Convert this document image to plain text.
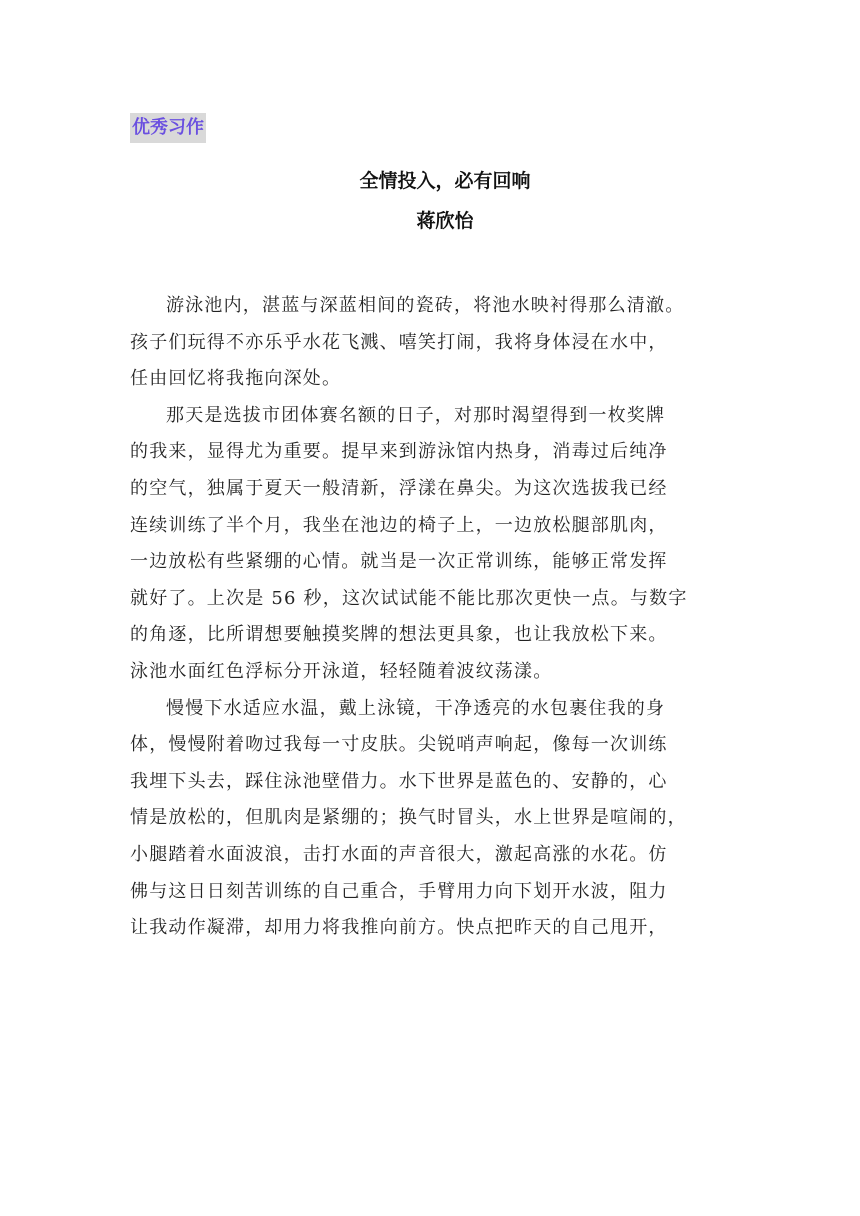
优秀习作
全情投入，必有回响
蒋欣怡
游泳池内，湛蓝与深蓝相间的瓷砖，将池水映衬得那么清澈。
孩子们玩得不亦乐乎水花飞溅、嘻笑打闹，我将身体浸在水中，
任由回忆将我拖向深处。
那天是选拔市团体赛名额的日子，对那时渴望得到一枚奖牌
的我来，显得尤为重要。提早来到游泳馆内热身，消毒过后纯净
的空气，独属于夏天一般清新，浮漾在鼻尖。为这次选拔我已经
连续训练了半个月，我坐在池边的椅子上，一边放松腿部肌肉，
一边放松有些紧绷的心情。就当是一次正常训练，能够正常发挥
就好了。上次是 56 秒，这次试试能不能比那次更快一点。与数字
的角逐，比所谓想要触摸奖牌的想法更具象，也让我放松下来。
泳池水面红色浮标分开泳道，轻轻随着波纹荡漾。
慢慢下水适应水温，戴上泳镜，干净透亮的水包裹住我的身
体，慢慢附着吻过我每一寸皮肤。尖锐哨声响起，像每一次训练
我埋下头去，踩住泳池壁借力。水下世界是蓝色的、安静的，心
情是放松的，但肌肉是紧绷的；换气时冒头，水上世界是喧闹的，
小腿踏着水面波浪，击打水面的声音很大，激起高涨的水花。仿
佛与这日日刻苦训练的自己重合，手臂用力向下划开水波，阻力
让我动作凝滞，却用力将我推向前方。快点把昨天的自己甩开，
